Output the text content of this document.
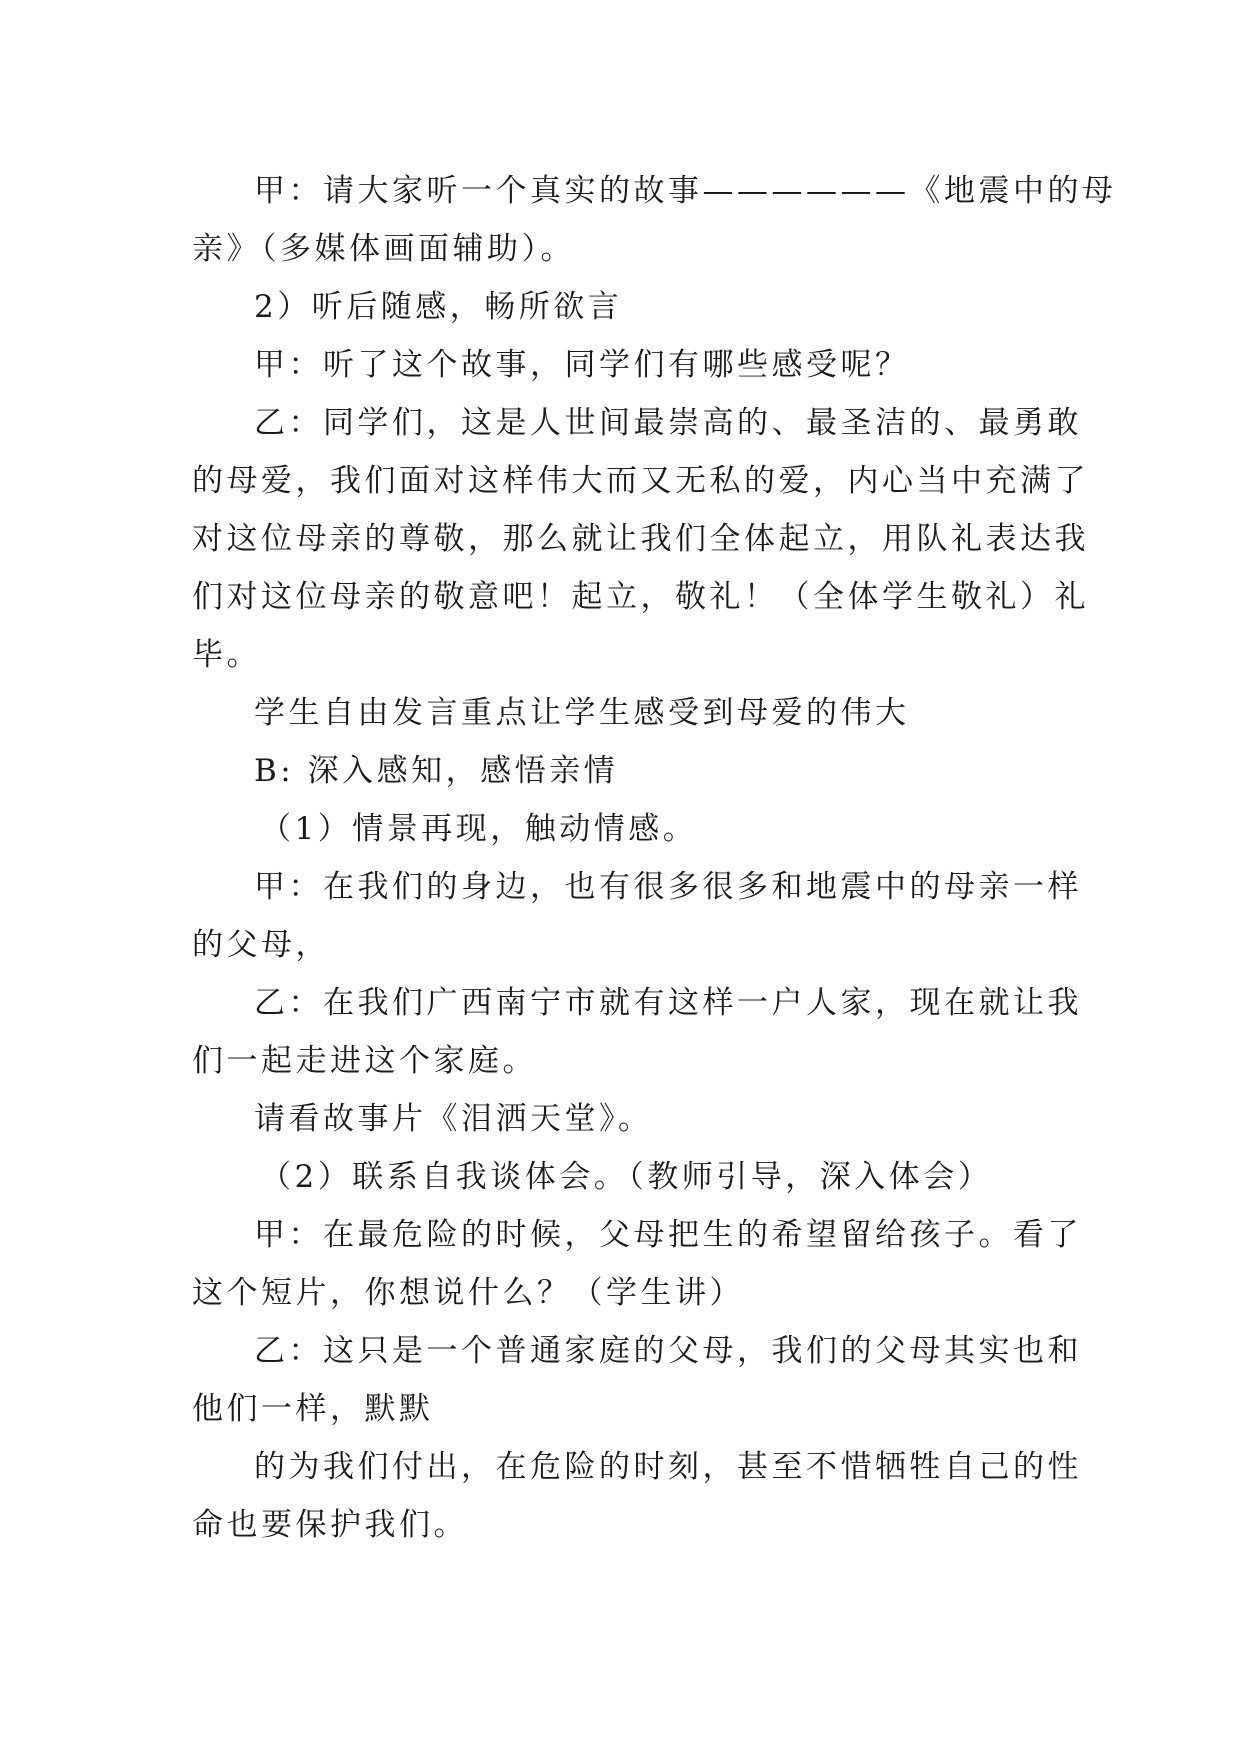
甲：请大家听一个真实的故事——————《地震中的母
亲》（多媒体画面辅助）。
2）听后随感，畅所欲言
甲：听了这个故事，同学们有哪些感受呢？
乙：同学们，这是人世间最崇高的、最圣洁的、最勇敢
的母爱，我们面对这样伟大而又无私的爱，内心当中充满了
对这位母亲的尊敬，那么就让我们全体起立，用队礼表达我
们对这位母亲的敬意吧！起立，敬礼！（全体学生敬礼）礼
毕。
学生自由发言重点让学生感受到母爱的伟大
B: 深入感知，感悟亲情
（1）情景再现，触动情感。
甲：在我们的身边，也有很多很多和地震中的母亲一样
的父母，
乙：在我们广西南宁市就有这样一户人家，现在就让我
们一起走进这个家庭。
请看故事片《泪洒天堂》。
（2）联系自我谈体会。（教师引导，深入体会）
甲：在最危险的时候，父母把生的希望留给孩子。看了
这个短片，你想说什么？（学生讲）
乙：这只是一个普通家庭的父母，我们的父母其实也和
他们一样，默默
的为我们付出，在危险的时刻，甚至不惜牺牲自己的性
命也要保护我们。
